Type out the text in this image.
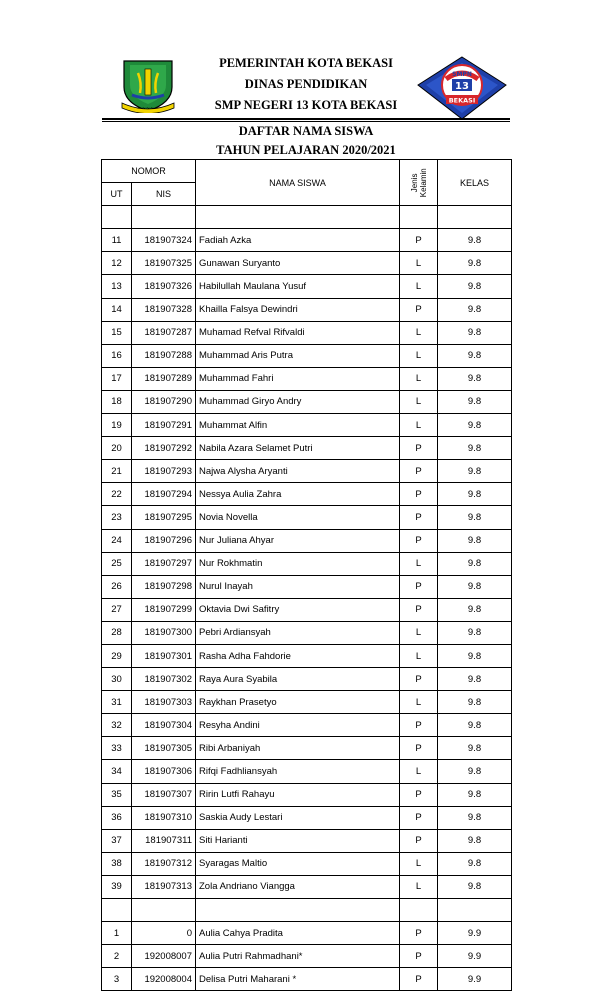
~~~~~
PEMERINTAH KOTA BEKASI
DINAS PENDIDIKAN
SMP NEGERI 13 KOTA BEKASI
SMPN
13
BEKASI
DAFTAR NAMA SISWA
TAHUN PELAJARAN 2020/2021
NOMOR		NAMA SISWA	Jenis Kelamin	KELAS
UT	NIS			

11	181907324	Fadiah Azka	P	9.8
12	181907325	Gunawan Suryanto	L	9.8
13	181907326	Habilullah Maulana Yusuf	L	9.8
14	181907328	Khailla Falsya Dewindri	P	9.8
15	181907287	Muhamad Refval Rifvaldi	L	9.8
16	181907288	Muhammad Aris Putra	L	9.8
17	181907289	Muhammad Fahri	L	9.8
18	181907290	Muhammad Giryo Andry	L	9.8
19	181907291	Muhammat Alfin	L	9.8
20	181907292	Nabila Azara Selamet Putri	P	9.8
21	181907293	Najwa Alysha Aryanti	P	9.8
22	181907294	Nessya Aulia Zahra	P	9.8
23	181907295	Novia Novella	P	9.8
24	181907296	Nur Juliana Ahyar	P	9.8
25	181907297	Nur Rokhmatin	L	9.8
26	181907298	Nurul Inayah	P	9.8
27	181907299	Oktavia Dwi Safitry	P	9.8
28	181907300	Pebri Ardiansyah	L	9.8
29	181907301	Rasha Adha Fahdorie	L	9.8
30	181907302	Raya Aura Syabila	P	9.8
31	181907303	Raykhan Prasetyo	L	9.8
32	181907304	Resyha Andini	P	9.8
33	181907305	Ribi Arbaniyah	P	9.8
34	181907306	Rifqi Fadhliansyah	L	9.8
35	181907307	Ririn Lutfi Rahayu	P	9.8
36	181907310	Saskia Audy Lestari	P	9.8
37	181907311	Siti Harianti	P	9.8
38	181907312	Syaragas Maltio	L	9.8
39	181907313	Zola Andriano Viangga	L	9.8

1	0	Aulia Cahya Pradita	P	9.9
2	192008007	Aulia Putri Rahmadhani*	P	9.9
3	192008004	Delisa Putri Maharani *	P	9.9
